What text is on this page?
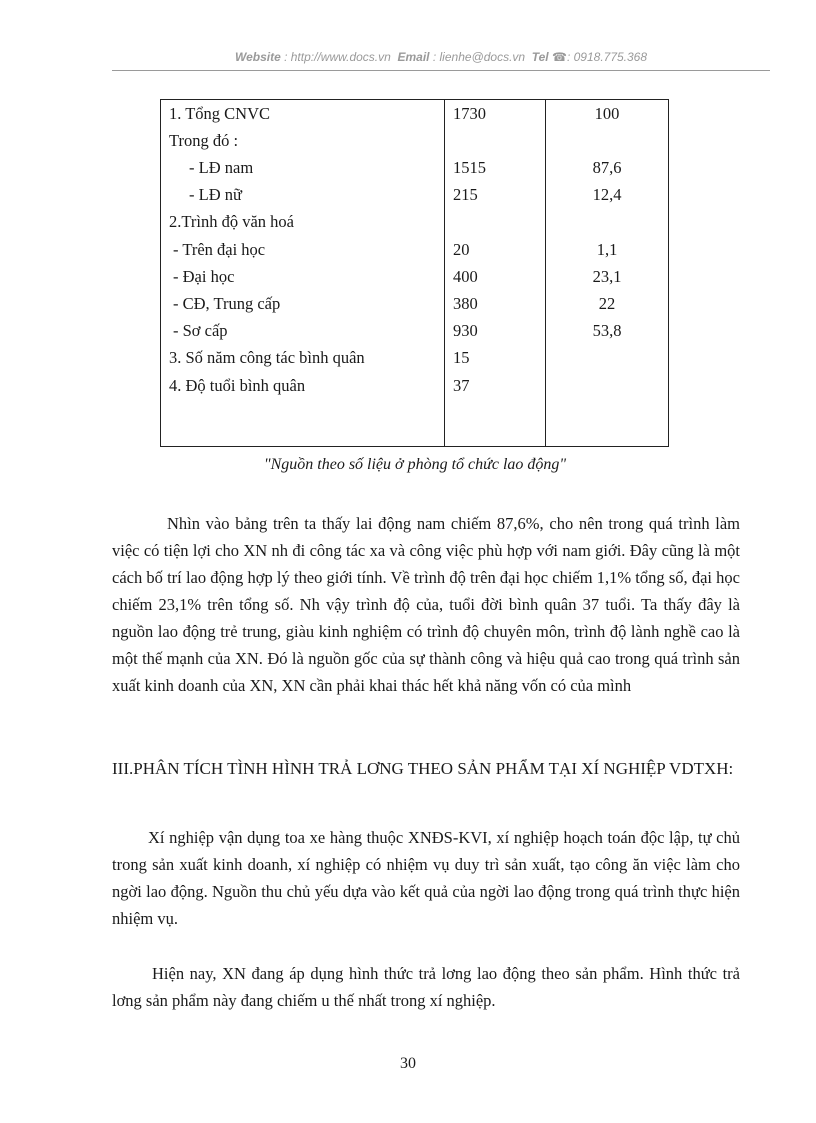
Website : http://www.docs.vn Email : lienhe@docs.vn Tel ☎: 0918.775.368
1. Tổng CNVC	1730	100
Trong đó :		
- LĐ nam	1515	87,6
- LĐ nữ	215	12,4
2.Trình độ văn hoá		
- Trên đại học	20	1,1
- Đại học	400	23,1
- CĐ, Trung cấp	380	22
- Sơ cấp	930	53,8
3. Số năm công tác bình quân	15	
4. Độ tuổi bình quân	37	
"Nguồn theo số liệu ở phòng tổ chức lao động"

Nhìn vào bảng trên ta thấy lai động nam chiếm 87,6%, cho nên trong quá trình làm việc có tiện lợi cho XN nh đi công tác xa và công việc phù hợp với nam giới. Đây cũng là một cách bố trí lao động hợp lý theo giới tính. Về trình độ trên đại học chiếm 1,1% tổng số, đại học chiếm 23,1% trên tổng số. Nh vậy trình độ của, tuổi đời bình quân 37 tuổi. Ta thấy đây là nguồn lao động trẻ trung, giàu kinh nghiệm có trình độ chuyên môn, trình độ lành nghề cao là một thế mạnh của XN. Đó là nguồn gốc của sự thành công và hiệu quả cao trong quá trình sản xuất kinh doanh của XN, XN cần phải khai thác hết khả năng vốn có của mình

III.PHÂN TÍCH TÌNH HÌNH TRẢ LƠNG THEO SẢN PHẨM TẠI XÍ NGHIỆP VDTXH:

Xí nghiệp vận dụng toa xe hàng thuộc XNĐS-KVI, xí nghiệp hoạch toán độc lập, tự chủ trong sản xuất kinh doanh, xí nghiệp có nhiệm vụ duy trì sản xuất, tạo công ăn việc làm cho ngời lao động. Nguồn thu chủ yếu dựa vào kết quả của ngời lao động trong quá trình thực hiện nhiệm vụ.

Hiện nay, XN đang áp dụng hình thức trả lơng lao động theo sản phẩm. Hình thức trả lơng sản phẩm này đang chiếm u thế nhất trong xí nghiệp.

30
